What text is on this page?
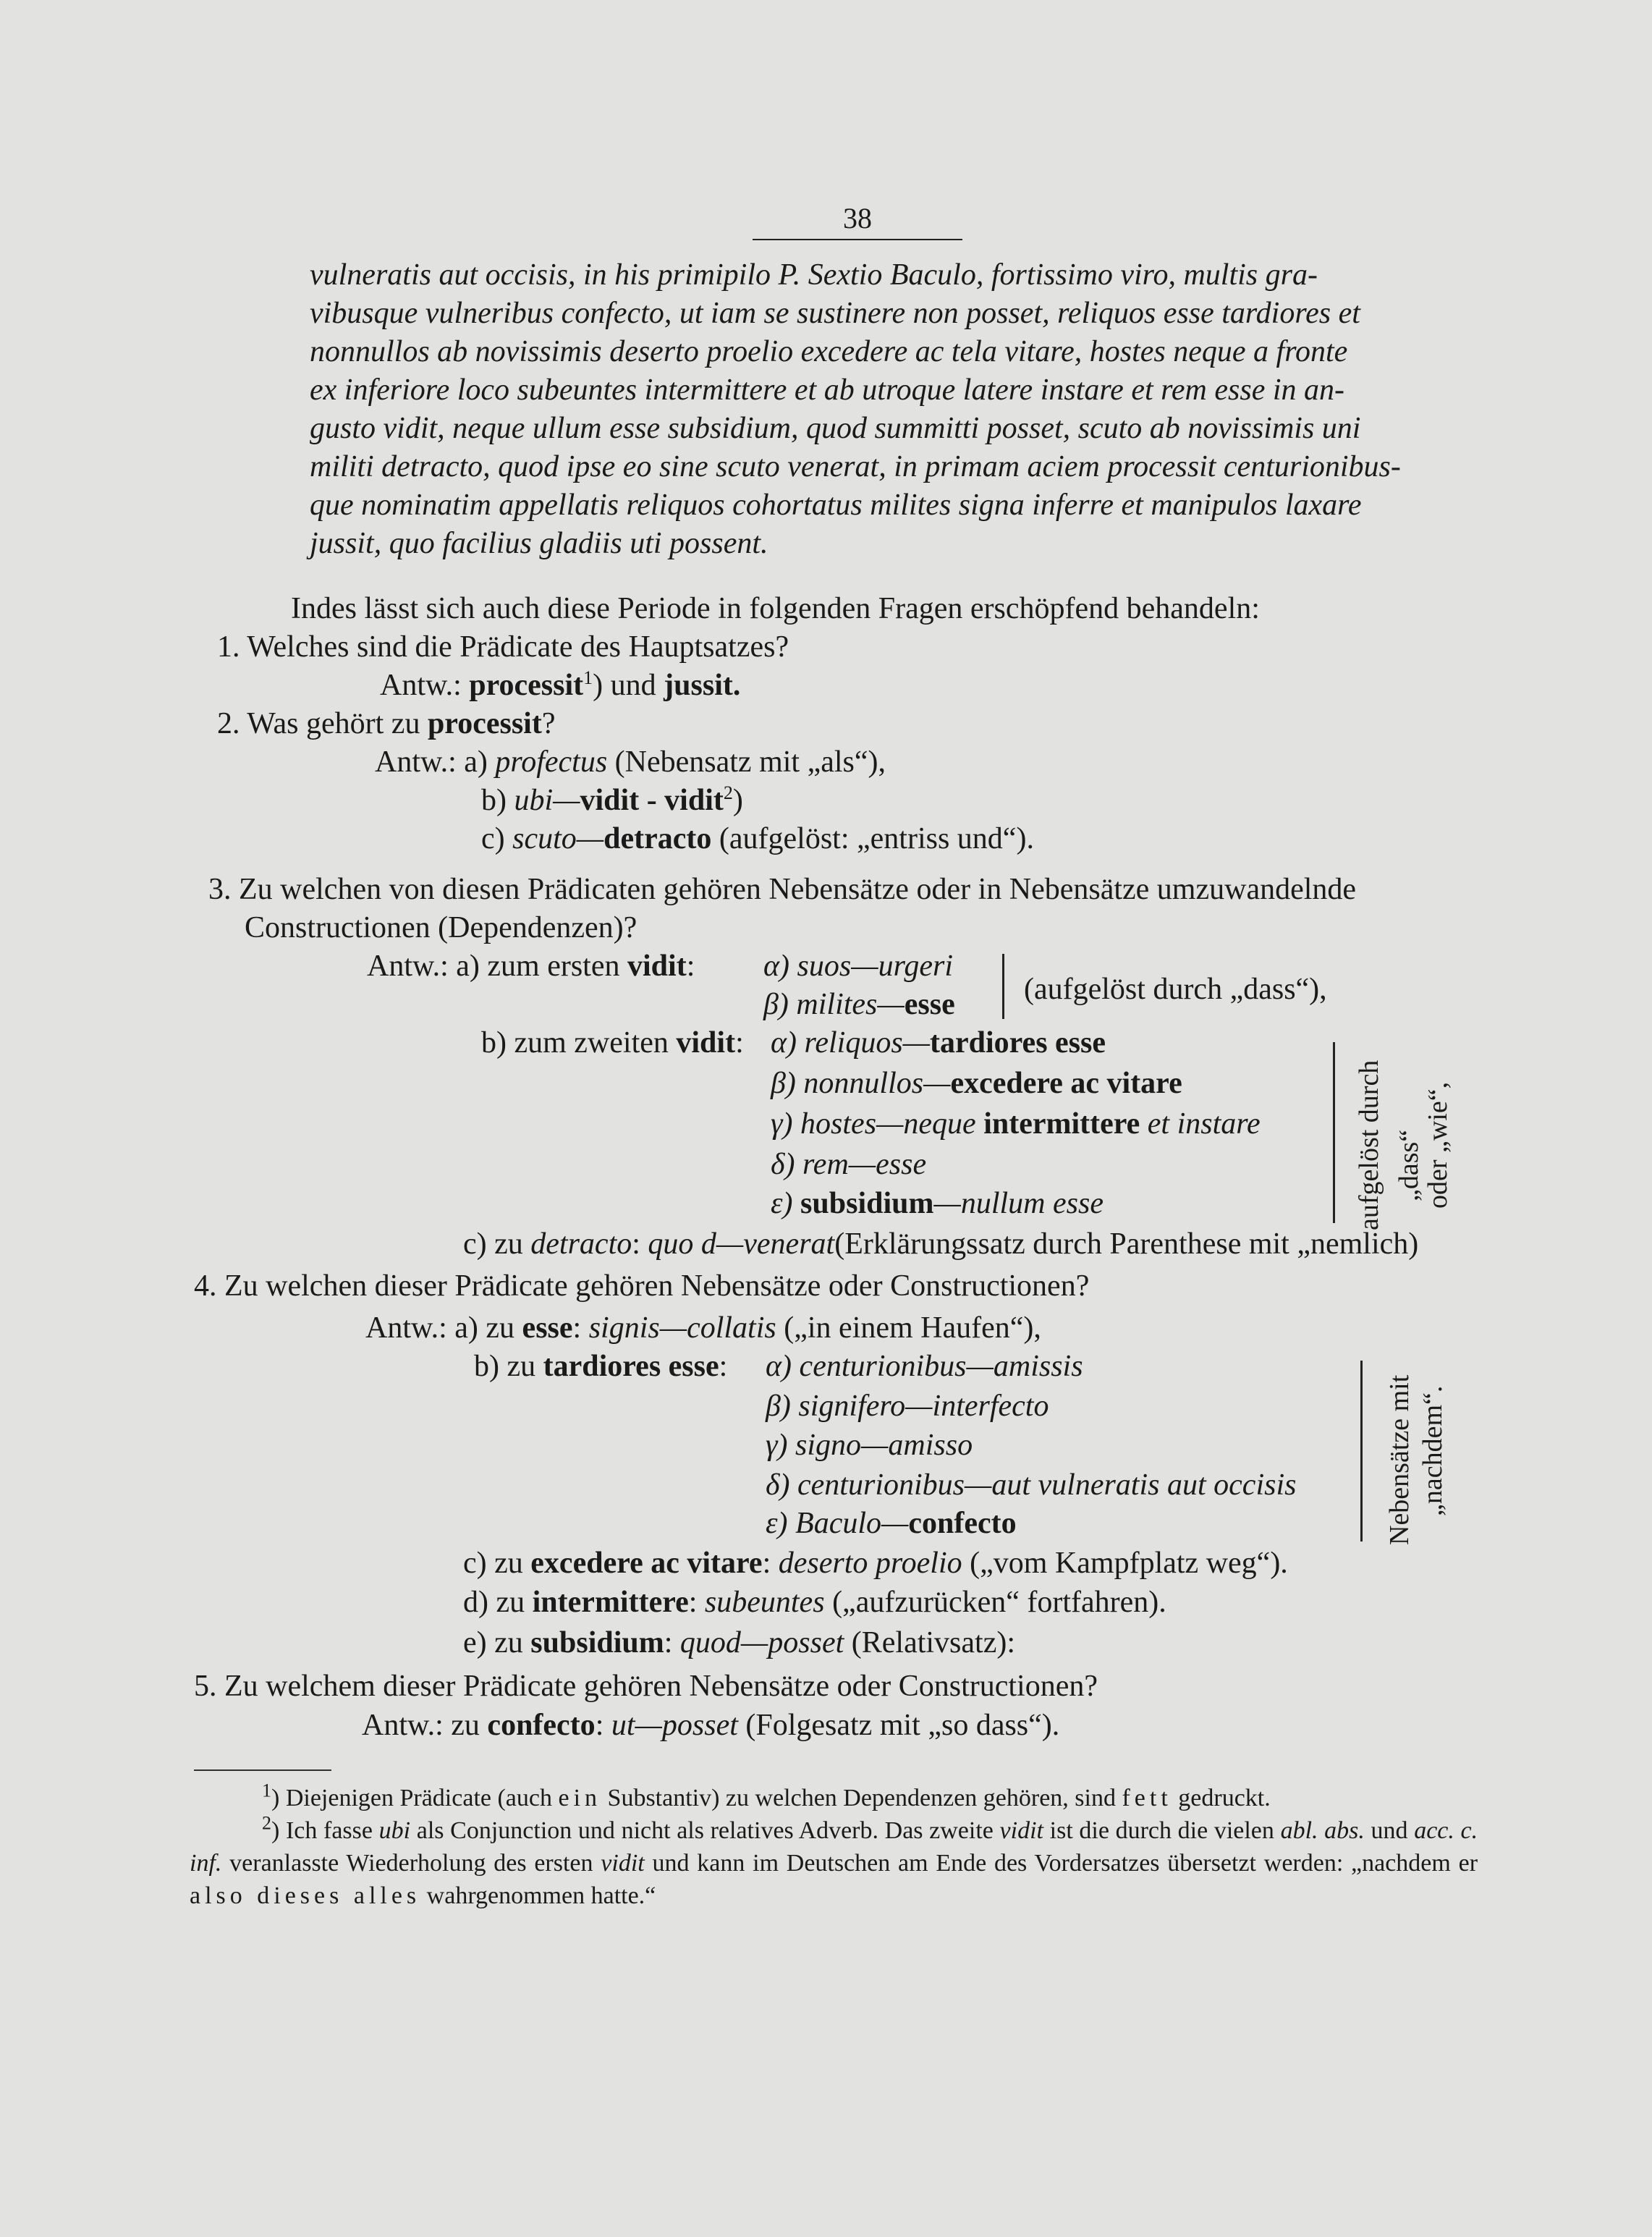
38

vulneratis aut occisis, in his primipilo P. Sextio Baculo, fortissimo viro, multis gra-

vibusque vulneribus confecto, ut iam se sustinere non posset, reliquos esse tardiores et

nonnullos ab novissimis deserto proelio excedere ac tela vitare, hostes neque a fronte

ex inferiore loco subeuntes intermittere et ab utroque latere instare et rem esse in an-

gusto vidit, neque ullum esse subsidium, quod summitti posset, scuto ab novissimis uni

militi detracto, quod ipse eo sine scuto venerat, in primam aciem processit centurionibus-

que nominatim appellatis reliquos cohortatus milites signa inferre et manipulos laxare

jussit, quo facilius gladiis uti possent.

Indes lässt sich auch diese Periode in folgenden Fragen erschöpfend behandeln:
1. Welches sind die Prädicate des Hauptsatzes?
Antw.: processit$^1$) und jussit.
2. Was gehört zu processit?
Antw.: a) profectus (Nebensatz mit „als“),
b) ubi—vidit - vidit$^2$)
c) scuto—detracto (aufgelöst: „entriss und“).
3. Zu welchen von diesen Prädicaten gehören Nebensätze oder in Nebensätze umzuwandelnde
Constructionen (Dependenzen)?
Antw.: a) zum ersten vidit: α) suos—urgeri
β) milites—esse (aufgelöst durch „dass“),
b) zum zweiten vidit: α) reliquos—tardiores esse
β) nonnullos—excedere ac vitare
γ) hostes—neque intermittere et instare
δ) rem—esse
ε) subsidium—nullum esse	aufgelöst durch „dass“
oder „wie“,
c) zu detracto: quo d—venerat(Erklärungssatz durch Parenthese mit „nemlich)
4. Zu welchen dieser Prädicate gehören Nebensätze oder Constructionen?
Antw.: a) zu esse: signis—collatis („in einem Haufen“),
b) zu tardiores esse: α) centurionibus—amissis
β) signifero—interfecto
γ) signo—amisso
δ) centurionibus—aut vulneratis aut occisis
ε) Baculo—confecto	Nebensätze mit „nachdem“.
c) zu excedere ac vitare: deserto proelio („vom Kampfplatz weg“).
d) zu intermittere: subeuntes („aufzurücken“ fortfahren).
e) zu subsidium: quod—posset (Relativsatz):
5. Zu welchem dieser Prädicate gehören Nebensätze oder Constructionen?
Antw.: zu confecto: ut—posset (Folgesatz mit „so dass“).

$^1$) Diejenigen Prädicate (auch ein Substantiv) zu welchen Dependenzen gehören, sind fett gedruckt.

$^2$) Ich fasse ubi als Conjunction und nicht als relatives Adverb. Das zweite vidit ist die durch die vielen abl. abs. und acc. c. inf. veranlasste Wiederholung des ersten vidit und kann im Deutschen am Ende des Vordersatzes übersetzt werden: „nachdem er also dieses alles wahrgenommen hatte.“
